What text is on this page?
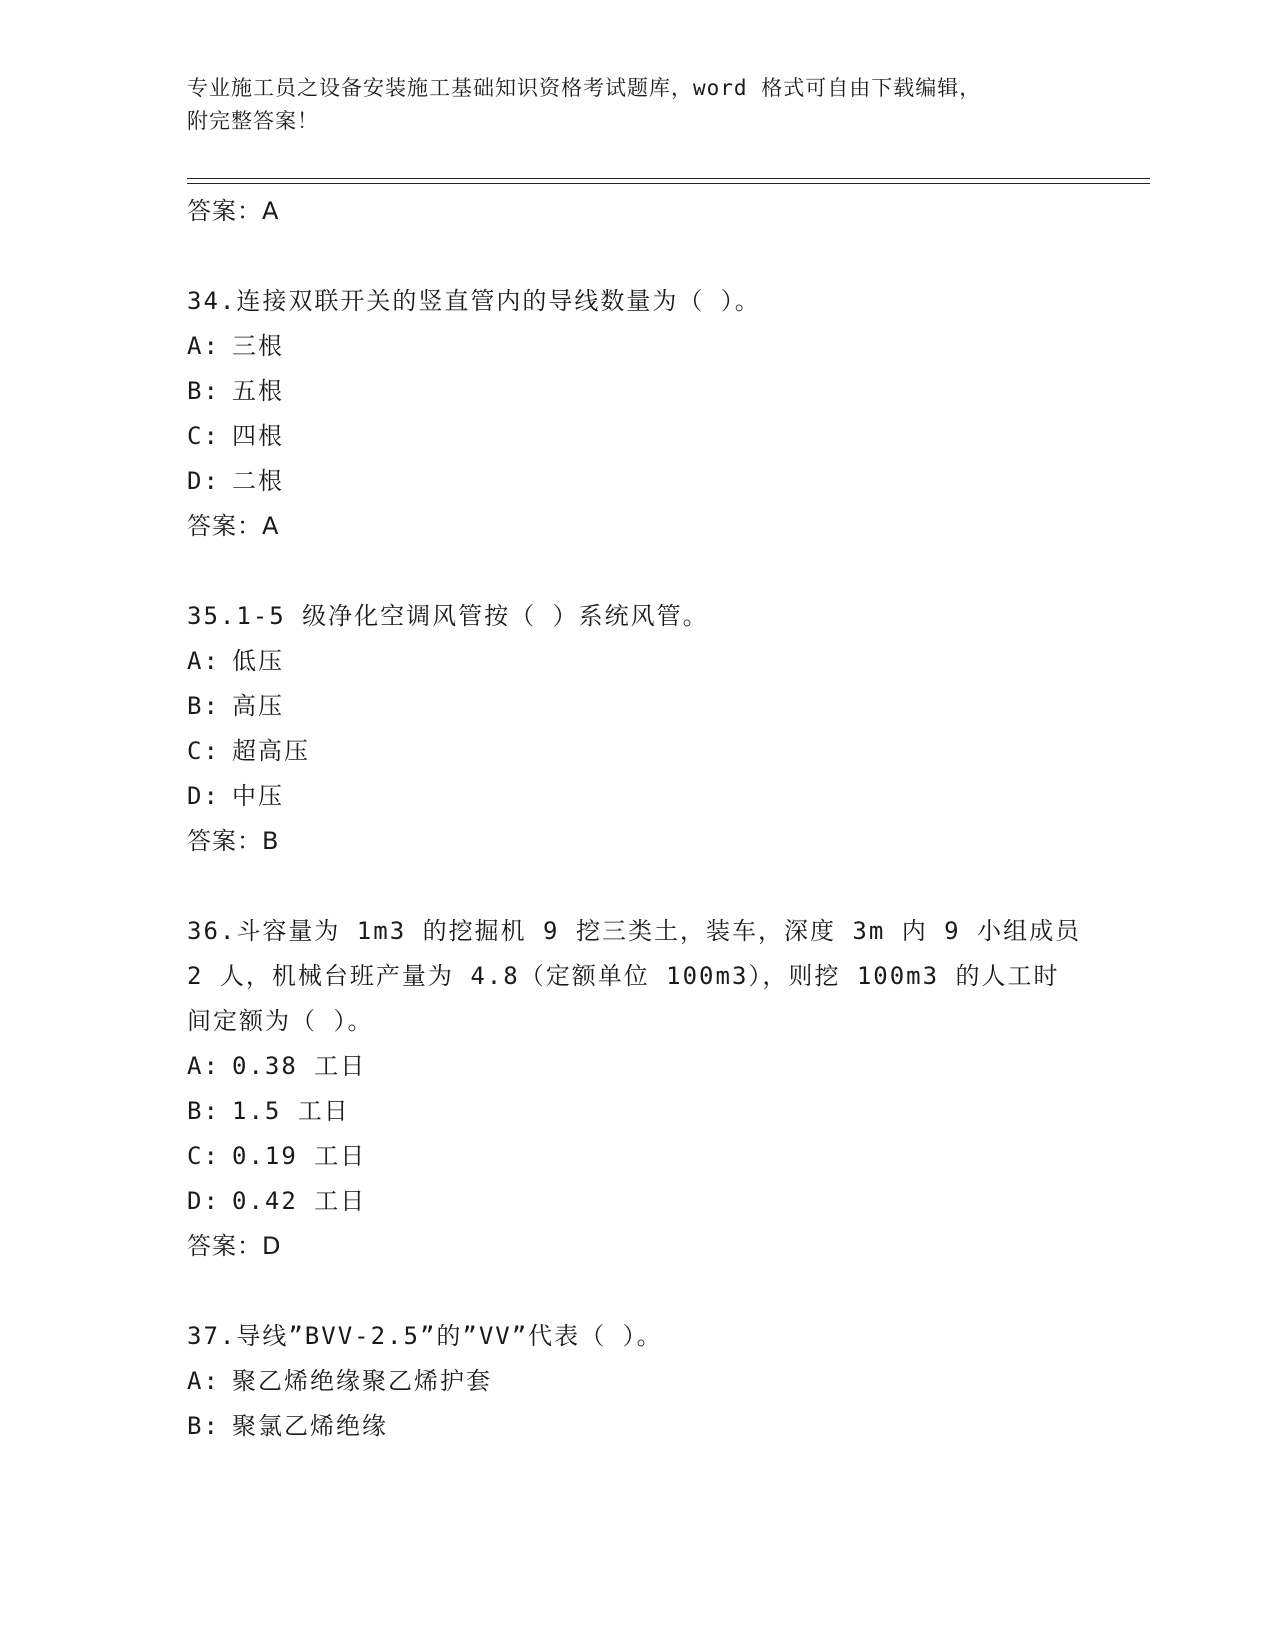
专业施工员之设备安装施工基础知识资格考试题库，word 格式可自由下载编辑，
附完整答案！
答案：A
34.连接双联开关的竖直管内的导线数量为（ ）。
A: 三根
B: 五根
C: 四根
D: 二根
答案：A
35.1-5 级净化空调风管按（ ）系统风管。
A: 低压
B: 高压
C: 超高压
D: 中压
答案：B
36.斗容量为 1m3 的挖掘机 9 挖三类土，装车，深度 3m 内 9 小组成员
2 人，机械台班产量为 4.8（定额单位 100m3），则挖 100m3 的人工时
间定额为（ ）。
A: 0.38 工日
B: 1.5 工日
C: 0.19 工日
D: 0.42 工日
答案：D
37.导线”BVV-2.5”的”VV”代表（ ）。
A: 聚乙烯绝缘聚乙烯护套
B: 聚氯乙烯绝缘
